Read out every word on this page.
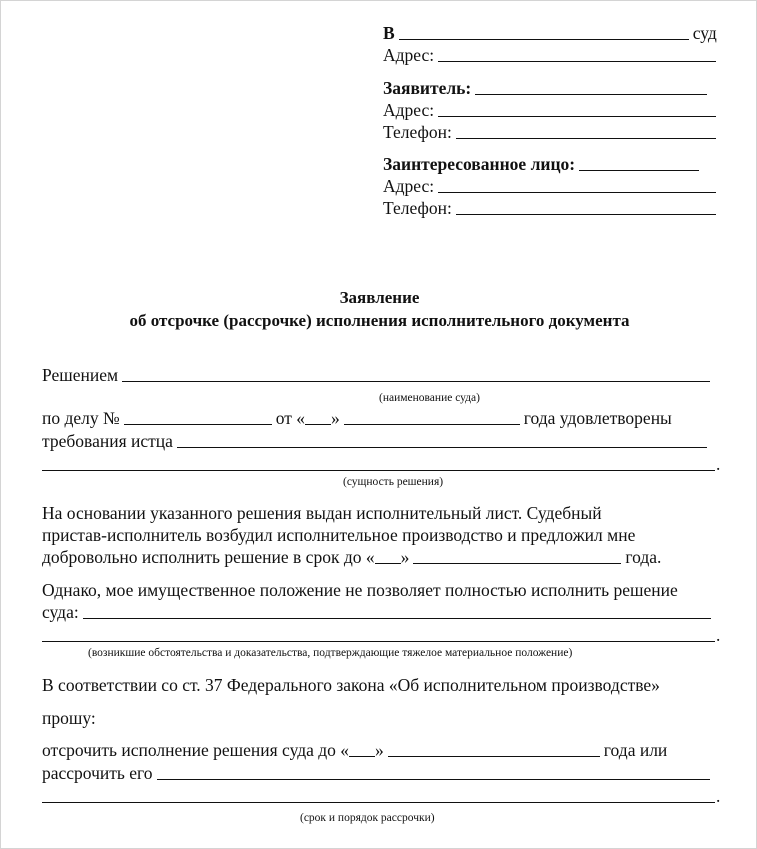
В	суд
Адрес:
Заявитель:
Адрес:
Телефон:
Заинтересованное лицо:
Адрес:
Телефон:
Заявление
об отсрочке (рассрочке) исполнения исполнительного документа
Решением
(наименование суда)
по делу №	от « »	года удовлетворены
требования истца
.
(сущность решения)
На основании указанного решения выдан исполнительный лист. Судебный
пристав-исполнитель возбудил исполнительное производство и предложил мне
добровольно исполнить решение в срок до « »	года.
Однако, мое имущественное положение не позволяет полностью исполнить решение
суда:
.
(возникшие обстоятельства и доказательства, подтверждающие тяжелое материальное положение)
В соответствии со ст. 37 Федерального закона «Об исполнительном производстве»
прошу:
отсрочить исполнение решения суда до « »	года или
рассрочить его
.
(срок и порядок рассрочки)
